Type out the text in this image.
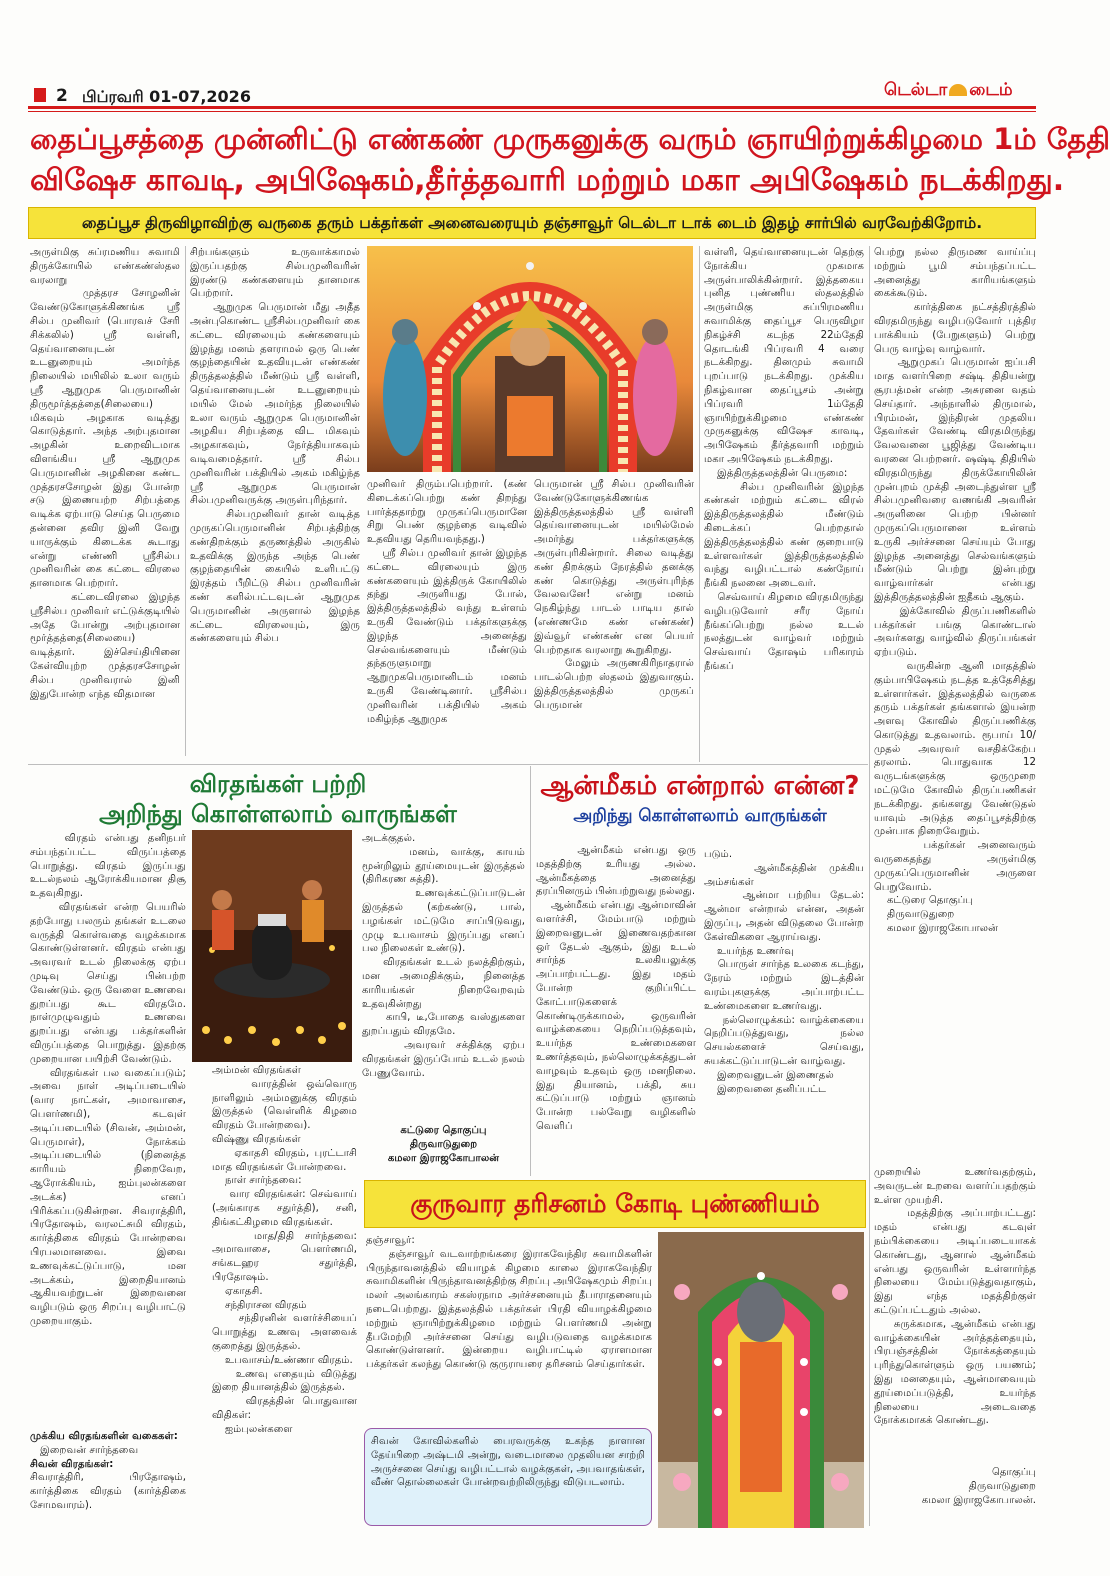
2 பிப்ரவரி 01-07,2026	டெல்டா டைம்
தைப்பூசத்தை முன்னிட்டு எண்கண் முருகனுக்கு வரும் ஞாயிற்றுக்கிழமை 1ம் தேதி
விஷேச காவடி, அபிஷேகம்,தீர்த்தவாரி மற்றும் மகா அபிஷேகம் நடக்கிறது.
தைப்பூச திருவிழாவிற்கு வருகை தரும் பக்தர்கள் அனைவரையும் தஞ்சாவூர் டெல்டா டாக் டைம் இதழ் சார்பில் வரவேற்கிறோம்.
அருள்மிகு சுப்ரமணிய சுவாமி திருக்கோயில் எண்கண்ஸ்தல வரலாறு
முத்தரச சோழனின் வேண்டுகோளுக்கிணங்க ஸ்ரீ சில்ப முனிவர் (பொரவச் சேரி சிக்கலில்) ஸ்ரீ வள்ளி, தெய்வானையுடன் உடனுறையும் அமர்ந்த நிலையில் மயிலில் உலா வரும் ஸ்ரீ ஆறுமுக பெருமானின் திருமூர்த்தத்தை(சிலையை) மிகவும் அழகாக வடித்து கொடுத்தார். அந்த அற்புதமான அழகின் உறைவிடமாக விளங்கிய ஸ்ரீ ஆறுமுக பெருமானின் அழகினை கண்ட முத்தரசசோழன் இது போன்ற சடு இணையற்ற சிற்பத்தை வடிக்க ஏற்பாடு செய்த பெருமை தன்னை தவிர இனி வேறு யாருக்கும் கிடைக்க கூடாது என்று எண்ணி ஸ்ரீசில்ப முனிவரின் கை கட்டை விரலை தானமாக பெற்றார்.
கட்டைவிரலை இழந்த ஸ்ரீசில்ப முனிவர் எட்டுக்குடியில் அதே போன்று அற்புதமான மூர்த்தத்தை(சிலையை) வடித்தார். இச்செய்தியினை கேள்வியுற்ற முத்தரசசோழன் சில்ப முனிவரால் இனி இதுபோன்ற எந்த விதமான
சிற்பங்களும் உருவாக்காமல் இருப்பதற்கு சில்பமுனிவரின் இரண்டு கண்களையும் தானமாக பெற்றார்.
ஆறுமுக பெருமான் மீது அதீத அன்புகொண்ட ஸ்ரீசில்பமுனிவர் கை கட்டை விரலையும் கண்களையும் இழந்து மனம் தளராமல் ஒரு பெண் குழந்தையின் உதவியுடன் எண்கண் திருத்தலத்தில் மீண்டும் ஸ்ரீ வள்ளி, தெய்வானையுடன் உடனுறையும் மயில் மேல் அமர்ந்த நிலையில் உலா வரும் ஆறுமுக பெருமானின் அழகிய சிற்பத்தை விட மிகவும் அழகாகவும், நேர்த்தியாகவும் வடிவமைத்தார். ஸ்ரீ சில்ப முனிவரின் பக்தியில் அகம் மகிழ்ந்த ஸ்ரீ ஆறுமுக பெருமான் சில்பமுனிவருக்கு அருள்புரிந்தார்.
சில்பமுனிவர் தான் வடித்த முருகப்பெருமானின் சிற்பத்திற்கு கண்திறக்கும் தருணத்தில் அருகில் உதவிக்கு இருந்த அந்த பெண் குழந்தையின் கையில் உளிபட்டு இரத்தம் பீறிட்டு சில்ப முனிவரின் கண் களில்பட்டவுடன் ஆறுமுக பெருமானின் அருளால் இழந்த கட்டை விரலையும், இரு கண்களையும் சில்ப
முனிவர் திரும்பபெற்றார். (கண் கிடைக்கப்பெற்று கண் திறந்து பார்த்ததாற்று முருகப்பெருமானே சிறு பெண் குழந்தை வடிவில் உதவியது தெரியவந்தது.)
ஸ்ரீ சில்ப முனிவர் தான் இழந்த கட்டை விரலையும் இரு கண்களையும் இத்திருக் கோயிலில் தந்து அருளியது போல், இத்திருத்தலத்தில் வந்து உள்ளம் உருகி வேண்டும் பக்தர்களுக்கு இழந்த அனைத்து செல்வங்களையும் மீண்டும் தந்தருளுமாறு ஆறுமுகபெருமானிடம் மனம் உருகி வேண்டினார். ஸ்ரீசில்ப முனிவரின் பக்தியில் அகம் மகிழ்ந்த ஆறுமுக
பெருமான் ஸ்ரீ சில்ப முனிவரின் வேண்டுகோளுக்கிணங்க இத்திருத்தலத்தில் ஸ்ரீ வள்ளி தெய்வானையுடன் மயில்மேல் அமர்ந்து பக்தர்களுக்கு அருள்புரிகின்றார். சிலை வடித்து கண் திறக்கும் நேரத்தில் தனக்கு கண் கொடுத்து அருள்புரிந்த வேலவனே! என்று மனம் நெகிழ்ந்து பாடல் பாடிய தால் (எண்ணமே கண் எண்கண்) இவ்வூர் எண்கண் என பெயர் பெற்றதாக வரலாறு கூறுகிறது.
மேலும் அருணகிரிநாதரால் பாடல்பெற்ற ஸ்தலம் இதுவாகும். இத்திருத்தலத்தில் முருகப் பெருமான்
வள்ளி, தெய்வானையுடன் தெற்கு நோக்கிய முகமாக அருள்பாலிக்கின்றார். இத்தகைய புனித புண்ணிய ஸ்தலத்தில் அருள்மிகு சுப்பிரமணிய சுவாமிக்கு தைப்பூச பெருவிழா நிகழ்ச்சி கடந்த 22ம்தேதி தொடங்கி பிப்ரவரி 4 வரை நடக்கிறது. தினமும் சுவாமி புறப்பாடு நடக்கிறது. முக்கிய நிகழ்வான தைப்பூசம் அன்று பிப்ரவரி 1ம்தேதி ஞாயிற்றுக்கிழமை எண்கண் முருகனுக்கு விஷேச காவடி, அபிஷேகம் தீர்த்தவாரி மற்றும் மகா அபிஷேகம் நடக்கிறது.
இத்திருத்தலத்தின் பெருமை:
சில்ப முனிவரின் இழந்த கண்கள் மற்றும் கட்டை விரல் இத்திருத்தலத்தில் மீண்டும் கிடைக்கப் பெற்றதால் இத்திருத்தலத்தில் கண் குறைபாடு உள்ளவர்கள் இத்திருத்தலத்தில் வந்து வழிபட்டால் கண்நோய் நீங்கி நலனை அடைவர்.
செவ்வாய் கிழமை விரதமிருந்து வழிபடுவோர் சரீர நோய் நீங்கப்பெற்று நல்ல உடல் நலத்துடன் வாழ்வர் மற்றும் செவ்வாய் தோஷம் பரிகாரம் நீங்கப்
பெற்று நல்ல திருமண வாய்ப்பு மற்றும் பூமி சம்பந்தப்பட்ட அனைத்து காரியங்களும் கைக்கூடும்.
கார்த்திகை நட்சத்திரத்தில் விரதமிருந்து வழிபடுவோர் புத்திர பாக்கியம் (பேறுகளும்) பெற்று பெரு வாழ்வு வாழ்வார்.
ஆறுமுகப் பெருமான் ஐப்பசி மாத வளர்பிறை சஷ்டி திதியன்று சூரபத்மன் என்ற அசுரனை வதம் செய்தார். அந்நாளில் திருமால், பிரம்மன், இந்திரன் முதலிய தேவர்கள் வேண்டி விரதமிருந்து வேலவனை பூஜித்து வேண்டிய வரனை பெற்றனர். ஷஷ்டி திதியில் விரதமிருந்து திருக்கோயிலின் முன்புறம் முக்தி அடைந்துள்ள ஸ்ரீ சில்பமுனிவரை வணங்கி அவரின் அருளினை பெற்ற பின்னர் முருகப்பெருமானை உள்ளம் உருகி அர்ச்சனை செய்யும் போது இழந்த அனைத்து செல்வங்களும் மீண்டும் பெற்று இன்புற்று வாழ்வார்கள் என்பது இத்திருத்தலத்தின் ஐதீகம் ஆகும்.
இக்கோவில் திருப்பணிகளில் பக்தர்கள் பங்கு கொண்டால் அவர்களது வாழ்வில் திருப்பங்கள் ஏற்படும்.
வருகின்ற ஆனி மாதத்தில் கும்பாபிஷேகம் நடத்த உத்தேசித்து உள்ளார்கள். இத்தலத்தில் வருகை தரும் பக்தர்கள் தங்களால் இயன்ற அளவு கோவில் திருப்பணிக்கு கொடுத்து உதவலாம். ரூபாய் 10/ முதல் அவரவர் வசதிக்கேற்ப தரலாம். பொதுவாக 12 வருடங்களுக்கு ஒருமுறை மட்டுமே கோவில் திருப்பணிகள் நடக்கிறது. தங்களது வேண்டுதல் யாவும் அடுத்த தைப்பூசத்திற்கு முன்பாக நிறைவேறும்.
பக்தர்கள் அனைவரும் வருகைதந்து அருள்மிகு முருகப்பெருமானின் அருளை பெறுவோம்.
கட்டுரை தொகுப்பு
திருவாடுதுறை
கமலா இராஜகோபாலன்
விரதங்கள் பற்றி
அறிந்து கொள்ளலாம் வாருங்கள்
விரதம் என்பது தனிநபர் சம்பந்தப்பட்ட விருப்பத்தை பொறுத்து. விரதம் இருப்பது உடல்நலம் ஆரோக்கியமான திசூ உதவுகிறது.
விரதங்கள் என்ற பெயரில் தற்போது பலரும் தங்கள் உடலை வருத்தி கொள்வதை வழக்கமாக கொண்டுள்ளனர். விரதம் என்பது அவரவர் உடல் நிலைக்கு ஏற்ப முடிவு செய்து பின்பற்ற வேண்டும். ஒரு வேளை உணவை துறப்பது கூட விரதமே. நாள்முழுவதும் உணவை துறப்பது என்பது பக்தர்களின் விருப்பத்தை பொறுத்து. இதற்கு முறையான பயிற்சி வேண்டும்.
விரதங்கள் பல வகைப்படும்; அவை நாள் அடிப்படையில் (வார நாட்கள், அமாவாசை, பௌர்ணமி), கடவுள் அடிப்படையில் (சிவன், அம்மன், பெருமாள்), நோக்கம் அடிப்படையில் (நினைத்த காரியம் நிறைவேற, ஆரோக்கியம், ஐம்புலன்களை அடக்க) எனப் பிரிக்கப்படுகின்றன. சிவராத்திரி, பிரதோஷம், வரலட்சுமி விரதம், கார்த்திகை விரதம் போன்றவை பிரபலமானவை. இவை உணவுக்கட்டுப்பாடு, மன அடக்கம், இறைதியானம் ஆகியவற்றுடன் இறைவனை வழிபடும் ஒரு சிறப்பு வழிபாட்டு முறையாகும்.
முக்கிய விரதங்களின் வகைகள்:
இறைவன் சார்ந்தவை
சிவன் விரதங்கள்:
சிவராத்திரி, பிரதோஷம், கார்த்திகை விரதம் (கார்த்திகை சோமவாரம்).
அம்மன் விரதங்கள்
வாரத்தின் ஒவ்வொரு நாளிலும் அம்மனுக்கு விரதம் இருத்தல் (வெள்ளிக் கிழமை விரதம் போன்றவை).
விஷ்ணு விரதங்கள்
ஏகாதசி விரதம், புரட்டாசி மாத விரதங்கள் போன்றவை.
நாள் சார்ந்தவை:
வார விரதங்கள்: செவ்வாய் (அங்காரக சதுர்த்தி), சனி, திங்கட்கிழமை விரதங்கள்.
மாத/திதி சார்ந்தவை: அமாவாசை, பௌர்ணமி, சங்கடஹர சதுர்த்தி, பிரதோஷம்.
ஏகாதசி.
சந்திராசன விரதம்
சந்திரனின் வளர்ச்சியைப் பொறுத்து உணவு அளவைக் குறைத்து இருத்தல்.
உபவாசம்/உண்ணா விரதம்.
உணவு எதையும் விடுத்து இறை தியானத்தில் இருத்தல்.
விரதத்தின் பொதுவான விதிகள்:
ஐம்புலன்களை
அடக்குதல்.
மனம், வாக்கு, காயம் மூன்றிலும் தூய்மையுடன் இருத்தல் (திரிகரண சுத்தி).
உணவுக்கட்டுப்பாடுடன் இருத்தல் (கற்கண்டு, பால், பழங்கள் மட்டுமே சாப்பிடுவது, முழு உபவாசம் இருப்பது எனப் பல நிலைகள் உண்டு).
விரதங்கள் உடல் நலத்திற்கும், மன அமைதிக்கும், நினைத்த காரியங்கள் நிறைவேறவும் உதவுகின்றது
காபி, டீ,போதை வஸ்துகளை துறப்பதும் விரதமே.
அவரவர் சக்திக்கு ஏற்ப விரதங்கள் இருப்போம் உடல் நலம் பேணுவோம்.
கட்டுரை தொகுப்பு
திருவாடுதுறை
கமலா இராஜகோபாலன்
ஆன்மீகம் என்றால் என்ன?
அறிந்து கொள்ளலாம் வாருங்கள்
ஆன்மீகம் என்பது ஒரு மதத்திற்கு உரியது அல்ல. ஆன்மீகத்தை அனைத்து தரப்பினரும் பின்பற்றுவது நல்லது.
ஆன்மீகம் என்பது ஆன்மாவின் வளர்ச்சி, மேம்பாடு மற்றும் இறைவனுடன் இணைவதற்கான ஒர் தேடல் ஆகும், இது உடல் சார்ந்த உலகியலுக்கு அப்பாற்பட்டது. இது மதம் போன்ற குறிப்பிட்ட கோட்பாடுகளைக் கொண்டிருக்காமல், ஒருவரின் வாழ்க்கையை நெறிப்படுத்தவும், உயர்ந்த உண்மைகளை உணர்த்தவும், நல்லொழுக்கத்துடன் வாழவும் உதவும் ஒரு மனநிலை. இது தியானம், பக்தி, சுய கட்டுப்பாடு மற்றும் ஞானம் போன்ற பல்வேறு வழிகளில் வெளிப்
படும்.
ஆன்மீகத்தின் முக்கிய அம்சங்கள்
ஆன்மா பற்றிய தேடல்: ஆன்மா என்றால் என்ன, அதன் இருப்பு, அதன் விடுதலை போன்ற கேள்விகளை ஆராய்வது.
உயர்ந்த உணர்வு
பொருள் சார்ந்த உலகை கடந்து, நேரம் மற்றும் இடத்தின் வரம்புகளுக்கு அப்பாற்பட்ட உண்மைகளை உணர்வது.
நல்லொழுக்கம்: வாழ்க்கையை நெறிப்படுத்துவது, நல்ல செயல்களைச் செய்வது, சுயக்கட்டுப்பாடுடன் வாழ்வது.
இறைவனுடன் இணைதல்
இறைவனை தனிப்பட்ட
முறையில் உணர்வதற்கும், அவருடன் உறவை வளர்ப்பதற்கும் உள்ள முயற்சி.
மதத்திற்கு அப்பாற்பட்டது: மதம் என்பது கடவுள் நம்பிக்கையை அடிப்படையாகக் கொண்டது, ஆனால் ஆன்மீகம் என்பது ஒருவரின் உள்ளார்ந்த நிலையை மேம்படுத்துவதாகும், இது எந்த மதத்திற்குள் கட்டுப்பட்டதும் அல்ல.
சுருக்கமாக, ஆன்மீகம் என்பது வாழ்க்கையின் அர்த்தத்தையும், பிரபஞ்சத்தின் நோக்கத்தையும் புரிந்துகொள்ளும் ஒரு பயணம்; இது மனதையும், ஆன்மாவையும் தூய்மைப்படுத்தி, உயர்ந்த நிலையை அடைவதை நோக்கமாகக் கொண்டது.
தொகுப்பு
திருவாடுதுறை
கமலா இராஜகோபாலன்.
குருவார தரிசனம் கோடி புண்ணியம்
தஞ்சாவூர்:
தஞ்சாவூர் வடவாற்றங்கரை இராகவேந்திர சுவாமிகளின் பிருந்தாவனத்தில் வியாழக் கிழமை காலை இராகவேந்திர சுவாமிகளின் பிருந்தாவனத்திற்கு சிறப்பு அபிஷேகமும் சிறப்பு மலர் அலங்காரம் சகஸ்ரநாம அர்ச்சனையும் தீபாராதனையும் நடைபெற்றது. இத்தலத்தில் பக்தர்கள் பிரதி வியாழக்கிழமை மற்றும் ஞாயிற்றுக்கிழமை மற்றும் பௌர்ணமி அன்று தீபமேற்றி அர்ச்சனை செய்து வழிபடுவதை வழக்கமாக கொண்டுள்ளனர். இன்றைய வழிபாட்டில் ஏராளமான பக்தர்கள் கலந்து கொண்டு குருராயரை தரிசனம் செய்தார்கள்.
சிவன் கோவில்களில் பைரவருக்கு உகந்த நாளான தேய்பிறை அஷ்டமி அன்று, வடைமாலை முதலியன சாற்றி அருச்சனை செய்து வழிபட்டால் வழக்குகள், அபவாதங்கள், வீண் தொல்லைகள் போன்றவற்றிலிருந்து விடுபடலாம்.
